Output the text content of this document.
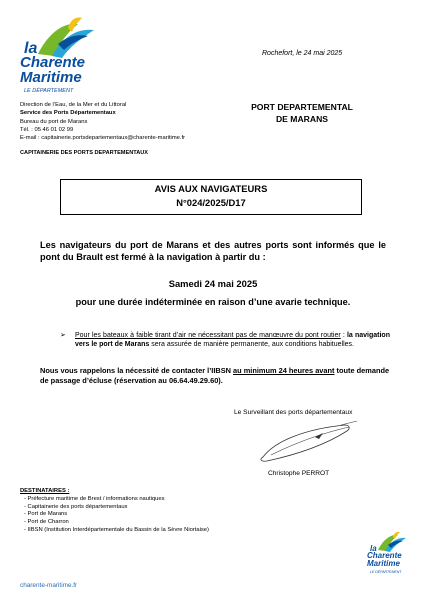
la
Charente
Maritime
LE DÉPARTEMENT
Rochefort, le 24 mai 2025
Direction de l’Eau, de la Mer et du Littoral
Service des Ports Départementaux
Bureau du port de Marans
Tél. : 05 46 01 02 99
E-mail : capitainerie.portsdepartementaux@charente-maritime.fr
PORT DEPARTEMENTAL
DE MARANS
CAPITAINERIE DES PORTS DEPARTEMENTAUX
AVIS AUX NAVIGATEURS
N°024/2025/D17
Les navigateurs du port de Marans et des autres ports sont informés que le pont du Brault est fermé à la navigation à partir du :
Samedi 24 mai 2025
pour une durée indéterminée en raison d’une avarie technique.
➢ Pour les bateaux à faible tirant d’air ne nécessitant pas de manœuvre du pont routier : la navigation vers le port de Marans sera assurée de manière permanente, aux conditions habituelles.
Nous vous rappelons la nécessité de contacter l’IIBSN au minimum 24 heures avant toute demande de passage d’écluse (réservation au 06.64.49.29.60).
Le Surveillant des ports départementaux
Christophe PERROT
DESTINATAIRES :
- Préfecture maritime de Brest / informations nautiques
- Capitainerie des ports départementaux
- Port de Marans
- Port de Charron
- IIBSN (Institution Interdépartementale du Bassin de la Sèvre Niortaise)
la
Charente
Maritime
LE DÉPARTEMENT
charente-maritime.fr
